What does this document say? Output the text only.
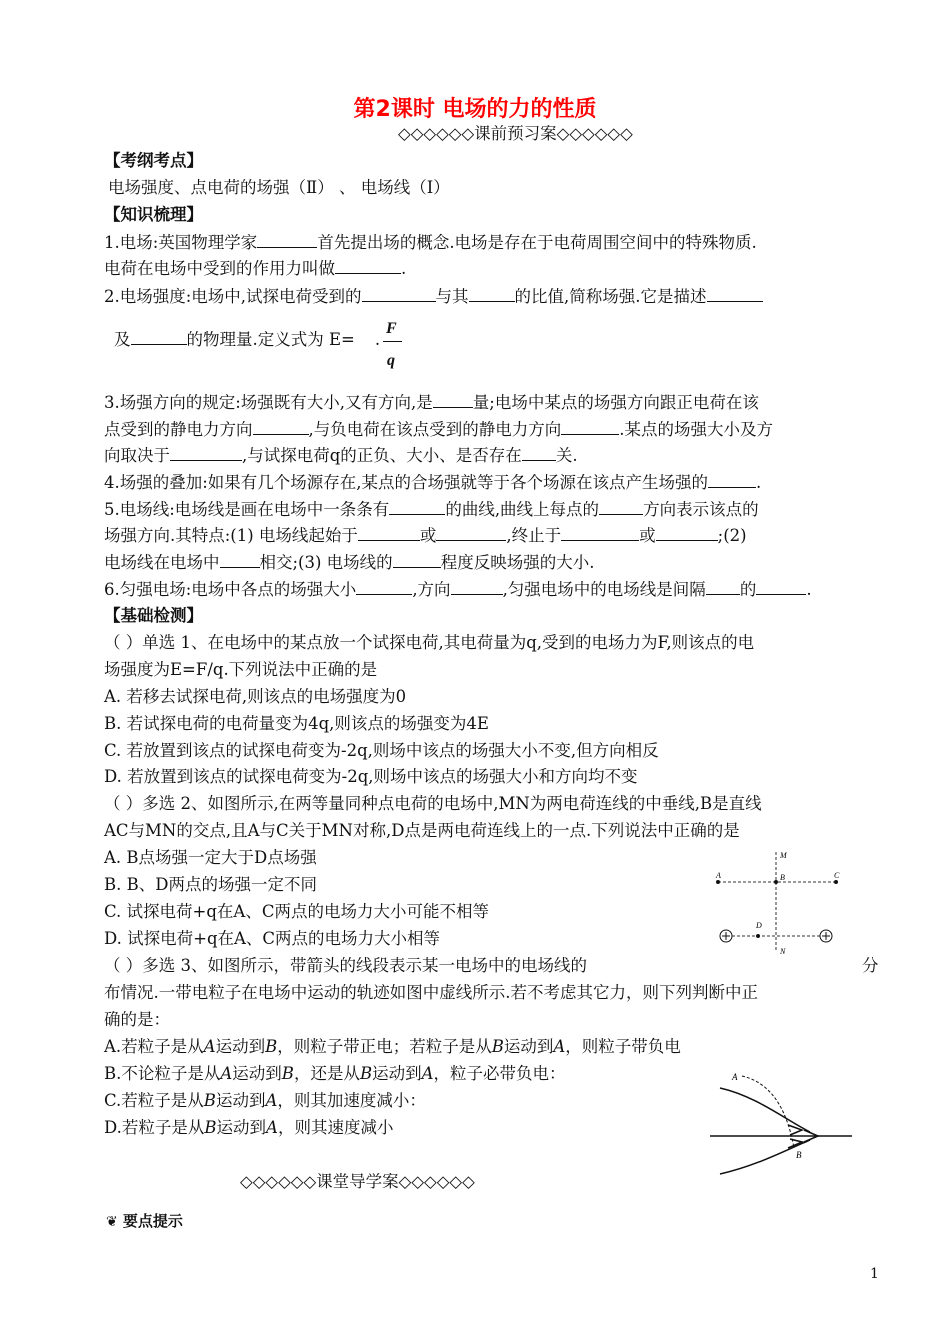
第2课时 电场的力的性质
◇◇◇◇◇◇课前预习案◇◇◇◇◇◇
【考纲考点】
电场强度、点电荷的场强（Ⅱ） 、 电场线（Ⅰ）
【知识梳理】
1.电场:英国物理学家	首先提出场的概念.电场是存在于电荷周围空间中的特殊物质.
电荷在电场中受到的作用力叫做	.
2.电场强度:电场中,试探电荷受到的	与其	的比值,简称场强.它是描述
及	的物理量.定义式为 E= .
F
q
3.场强方向的规定:场强既有大小,又有方向,是 量;电场中某点的场强方向跟正电荷在该
点受到的静电力方向	,与负电荷在该点受到的静电力方向	.某点的场强大小及方
向取决于	,与试探电荷q的正负、大小、是否存在 关.
4.场强的叠加:如果有几个场源存在,某点的合场强就等于各个场源在该点产生场强的	.
5.电场线:电场线是画在电场中一条条有	的曲线,曲线上每点的	方向表示该点的
场强方向.其特点:(1) 电场线起始于	或	,终止于	或	;(2)
电场线在电场中 相交;(3) 电场线的	程度反映场强的大小.
6.匀强电场:电场中各点的场强大小	,方向	,匀强电场中的电场线是间隔 的	.
【基础检测】
（ ）单选 1、在电场中的某点放一个试探电荷,其电荷量为q,受到的电场力为F,则该点的电
场强度为E=F/q.下列说法中正确的是
A. 若移去试探电荷,则该点的电场强度为0
B. 若试探电荷的电荷量变为4q,则该点的场强变为4E
C. 若放置到该点的试探电荷变为-2q,则场中该点的场强大小不变,但方向相反
D. 若放置到该点的试探电荷变为-2q,则场中该点的场强大小和方向均不变
（ ）多选 2、如图所示,在两等量同种点电荷的电场中,MN为两电荷连线的中垂线,B是直线
AC与MN的交点,且A与C关于MN对称,D点是两电荷连线上的一点.下列说法中正确的是
A. B点场强一定大于D点场强
B. B、D两点的场强一定不同
C. 试探电荷+q在A、C两点的电场力大小可能不相等
D. 试探电荷+q在A、C两点的电场力大小相等
M
N
A	B	C
D
（ ）多选 3、如图所示，带箭头的线段表示某一电场中的电场线的	分
布情况.一带电粒子在电场中运动的轨迹如图中虚线所示.若不考虑其它力，则下列判断中正
确的是：
A.若粒子是从A运动到B，则粒子带正电；若粒子是从B运动到A，则粒子带负电
B.不论粒子是从A运动到B，还是从B运动到A，粒子必带负电：
C.若粒子是从B运动到A，则其加速度减小：
D.若粒子是从B运动到A，则其速度减小
A
B
◇◇◇◇◇◇课堂导学案◇◇◇◇◇◇
❦ 要点提示
1
